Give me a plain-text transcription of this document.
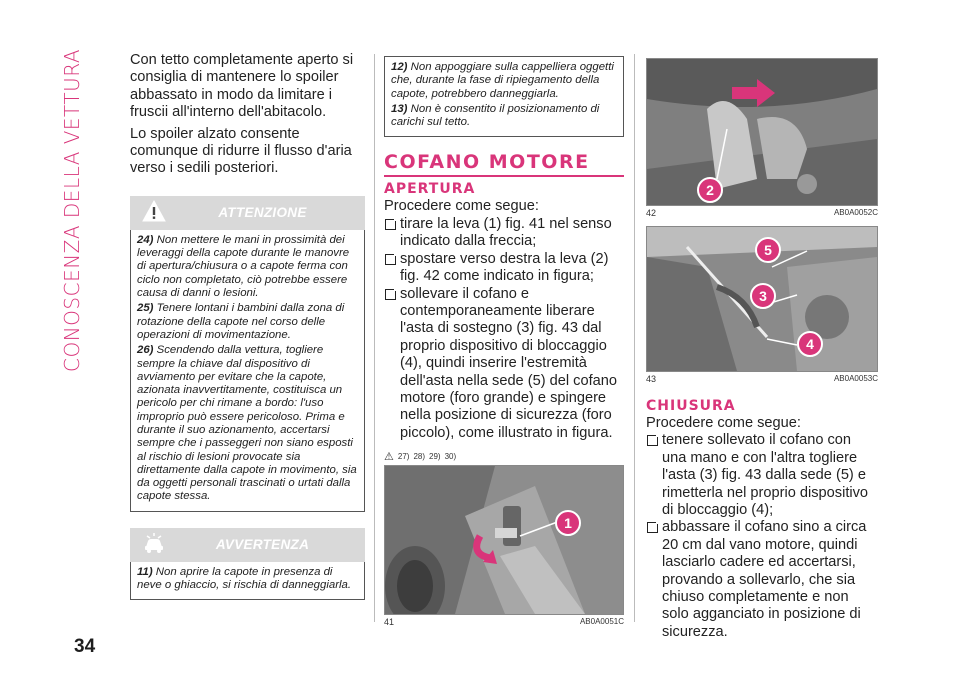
CONOSCENZA DELLA VETTURA
34

Con tetto completamente aperto si consiglia di mantenere lo spoiler abbassato in modo da limitare i fruscii all'interno dell'abitacolo.

Lo spoiler alzato consente comunque di ridurre il flusso d'aria verso i sedili posteriori.

ATTENZIONE
24) Non mettere le mani in prossimità dei leveraggi della capote durante le manovre di apertura/chiusura o a capote ferma con ciclo non completato, ciò potrebbe essere causa di danni o lesioni.
25) Tenere lontani i bambini dalla zona di rotazione della capote nel corso delle operazioni di movimentazione.
26) Scendendo dalla vettura, togliere sempre la chiave dal dispositivo di avviamento per evitare che la capote, azionata inavvertitamente, costituisca un pericolo per chi rimane a bordo: l'uso improprio può essere pericoloso. Prima e durante il suo azionamento, accertarsi sempre che i passeggeri non siano esposti al rischio di lesioni provocate sia direttamente dalla capote in movimento, sia da oggetti personali trascinati o urtati dalla capote stessa.
AVVERTENZA
11) Non aprire la capote in presenza di neve o ghiaccio, si rischia di danneggiarla.
12) Non appoggiare sulla cappelliera oggetti che, durante la fase di ripiegamento della capote, potrebbero danneggiarla.
13) Non è consentito il posizionamento di carichi sul tetto.
COFANO MOTORE
APERTURA
Procedere come segue:
tirare la leva (1) fig. 41 nel senso indicato dalla freccia;
spostare verso destra la leva (2) fig. 42 come indicato in figura;
sollevare il cofano e contemporaneamente liberare l'asta di sostegno (3) fig. 43 dal proprio dispositivo di bloccaggio (4), quindi inserire l'estremità dell'asta nella sede (5) del cofano motore (foro grande) e spingere nella posizione di sicurezza (foro piccolo), come illustrato in figura.
⚠ 27) 28) 29) 30)
1
41	AB0A0051C
2
42	AB0A0052C
5
3
4
43	AB0A0053C
CHIUSURA
Procedere come segue:
tenere sollevato il cofano con una mano e con l'altra togliere l'asta (3) fig. 43 dalla sede (5) e rimetterla nel proprio dispositivo di bloccaggio (4);
abbassare il cofano sino a circa 20 cm dal vano motore, quindi lasciarlo cadere ed accertarsi, provando a sollevarlo, che sia chiuso completamente e non solo agganciato in posizione di sicurezza.
